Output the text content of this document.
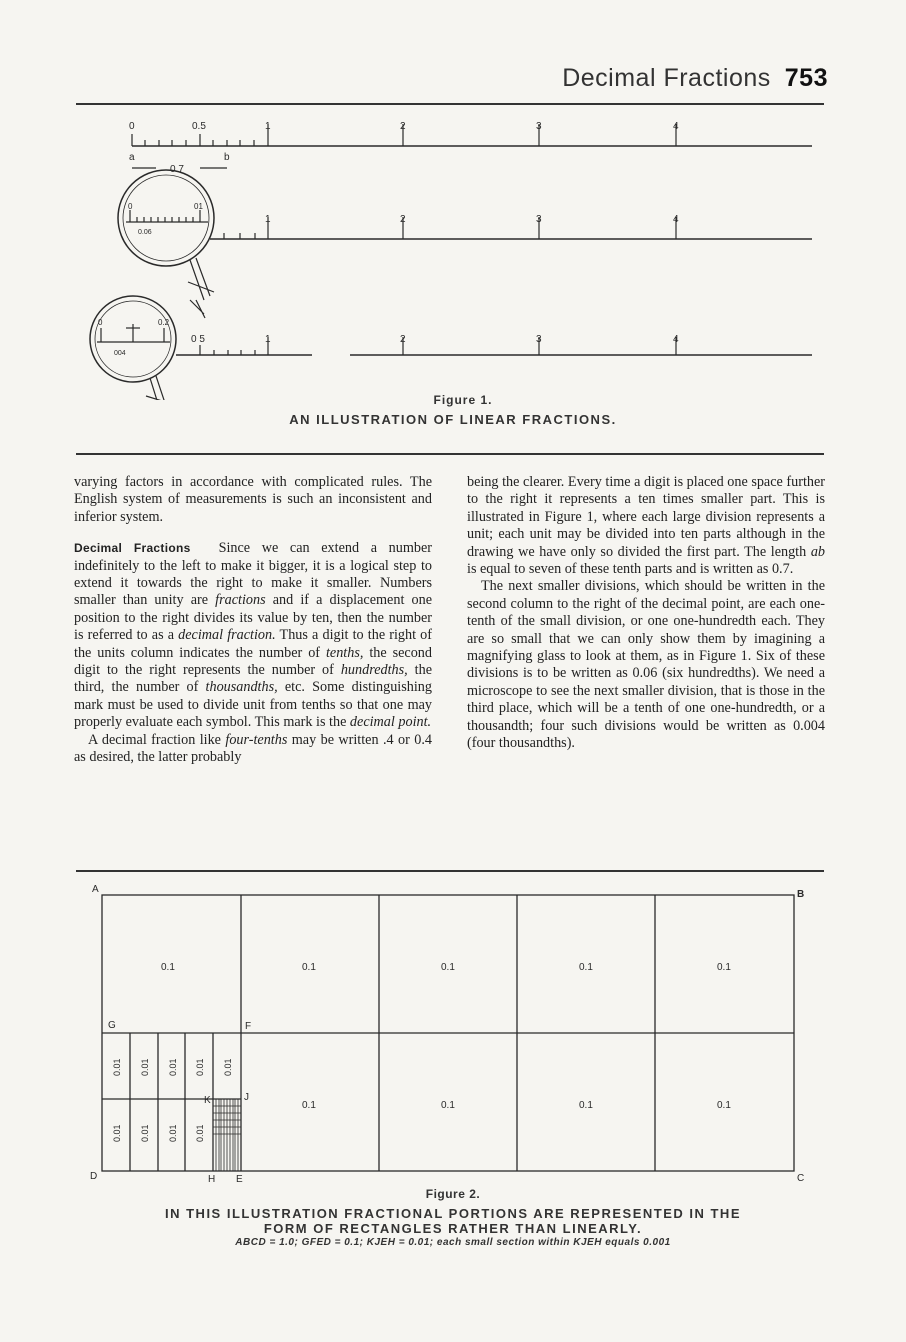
Decimal Fractions 753
0	0.5	1	2	3	4
a	b
0.7
0	01
0.06
1	2	3	4
0	0.2
004
0 5	1	2	3	4
Figure 1.
AN ILLUSTRATION OF LINEAR FRACTIONS.

varying factors in accordance with complicated rules. The English system of measurements is such an inconsistent and inferior system.

Decimal Fractions Since we can extend a number indefinitely to the left to make it bigger, it is a logical step to extend it towards the right to make it smaller. Numbers smaller than unity are fractions and if a displacement one position to the right divides its value by ten, then the number is referred to as a decimal fraction. Thus a digit to the right of the units column indicates the number of tenths, the second digit to the right represents the number of hundredths, the third, the number of thousandths, etc. Some distinguishing mark must be used to divide unit from tenths so that one may properly evaluate each symbol. This mark is the decimal point.

A decimal fraction like four-tenths may be written .4 or 0.4 as desired, the latter probably

being the clearer. Every time a digit is placed one space further to the right it represents a ten times smaller part. This is illustrated in Figure 1, where each large division represents a unit; each unit may be divided into ten parts although in the drawing we have only so divided the first part. The length ab is equal to seven of these tenth parts and is written as 0.7.

The next smaller divisions, which should be written in the second column to the right of the decimal point, are each one-tenth of the small division, or one one-hundredth each. They are so small that we can only show them by imagining a magnifying glass to look at them, as in Figure 1. Six of these divisions is to be written as 0.06 (six hundredths). We need a microscope to see the next smaller division, that is those in the third place, which will be a tenth of one one-hundredth, or a thousandth; four such divisions would be written as 0.004 (four thousandths).

A	B
C
D
G	F
K	J
H E
0.1	0.1	0.1	0.1	0.1
0.1	0.1	0.1	0.1
0.01 0.01 0.01 0.01 0.01
0.01 0.01 0.01 0.01
Figure 2.
IN THIS ILLUSTRATION FRACTIONAL PORTIONS ARE REPRESENTED IN THE
FORM OF RECTANGLES RATHER THAN LINEARLY.
ABCD = 1.0; GFED = 0.1; KJEH = 0.01; each small section within KJEH equals 0.001
